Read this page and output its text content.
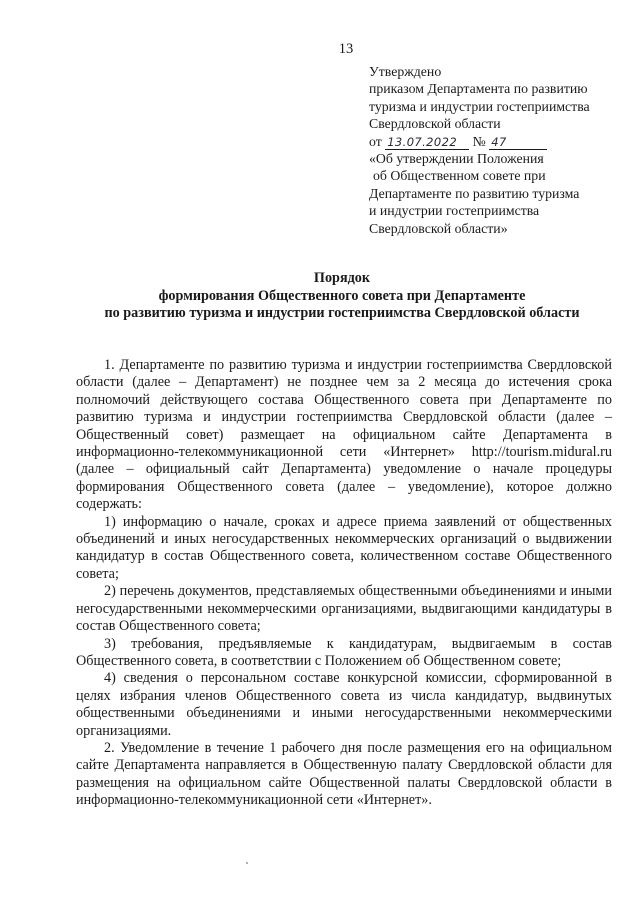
13
Утверждено
приказом Департамента по развитию
туризма и индустрии гостеприимства
Свердловской области
от 13.07.2022 № 47
«Об утверждении Положения
об Общественном совете при
Департаменте по развитию туризма
и индустрии гостеприимства
Свердловской области»
Порядок
формирования Общественного совета при Департаменте
по развитию туризма и индустрии гостеприимства Свердловской области

1. Департаменте по развитию туризма и индустрии гостеприимства Свердловской области (далее – Департамент) не позднее чем за 2 месяца до истечения срока полномочий действующего состава Общественного совета при Департаменте по развитию туризма и индустрии гостеприимства Свердловской области (далее – Общественный совет) размещает на официальном сайте Департамента в информационно-телекоммуникационной сети «Интернет» http://tourism.midural.ru (далее – официальный сайт Департамента) уведомление о начале процедуры формирования Общественного совета (далее – уведомление), которое должно содержать:

1) информацию о начале, сроках и адресе приема заявлений от общественных объединений и иных негосударственных некоммерческих организаций о выдвижении кандидатур в состав Общественного совета, количественном составе Общественного совета;

2) перечень документов, представляемых общественными объединениями и иными негосударственными некоммерческими организациями, выдвигающими кандидатуры в состав Общественного совета;

3) требования, предъявляемые к кандидатурам, выдвигаемым в состав Общественного совета, в соответствии с Положением об Общественном совете;

4) сведения о персональном составе конкурсной комиссии, сформированной в целях избрания членов Общественного совета из числа кандидатур, выдвинутых общественными объединениями и иными негосударственными некоммерческими организациями.

2. Уведомление в течение 1 рабочего дня после размещения его на официальном сайте Департамента направляется в Общественную палату Свердловской области для размещения на официальном сайте Общественной палаты Свердловской области в информационно-телекоммуникационной сети «Интернет».
